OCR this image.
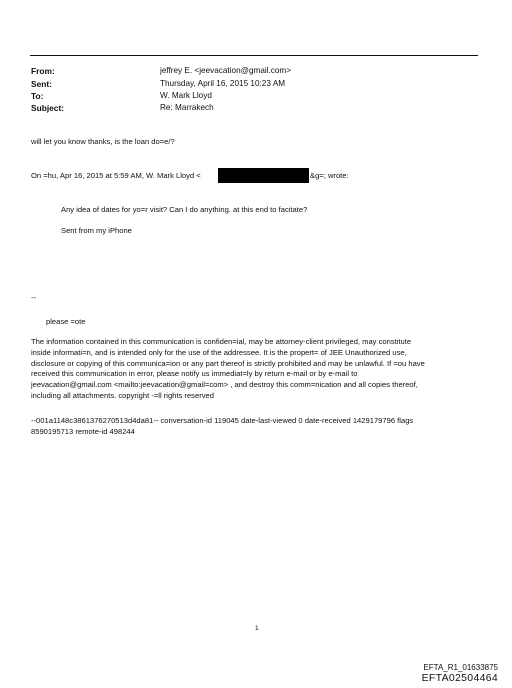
From:	jeffrey E. <jeevacation@gmail.com>
Sent:	Thursday, April 16, 2015 10:23 AM
To:	W. Mark Lloyd
Subject:	Re: Marrakech
will let you know thanks, is the loan do=e/?
On =hu, Apr 16, 2015 at 5:59 AM, W. Mark Lloyd <	&g=; wrote:
Any idea of dates for yo=r visit? Can I do anything. at this end to facitate?
Sent from my iPhone
--
please =ote

The information contained in this communication is confiden=ial, may be attorney-client privileged, may constitute

inside informati=n, and is intended only for the use of the addressee. It is the propert= of JEE Unauthorized use,

disclosure or copying of this communica=ion or any part thereof is strictly prohibited and may be unlawful. If =ou have

received this communication in error, please notify us immediat=ly by return e-mail or by e-mail to

jeevacation@gmail.com <mailto:jeevacation@gmail=com> , and destroy this comm=nication and all copies thereof,

including all attachments. copyright -=ll rights reserved

--001a1148c3861376270513d4da81-- conversation-id 119045 date-last-viewed 0 date-received 1429179796 flags

8590195713 remote-id 498244

1
EFTA_R1_01633875
EFTA02504464
